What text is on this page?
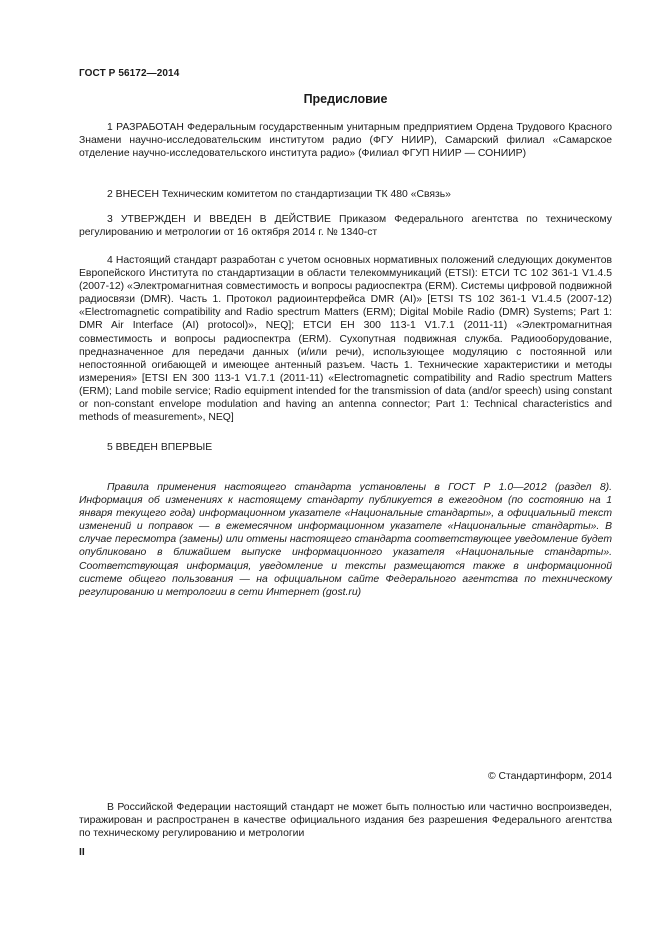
ГОСТ Р 56172—2014
Предисловие

1 РАЗРАБОТАН Федеральным государственным унитарным предприятием Ордена Трудового Красного Знамени научно-исследовательским институтом радио (ФГУ НИИР), Самарский филиал «Самарское отделение научно-исследовательского института радио» (Филиал ФГУП НИИР — СОНИИР)

2 ВНЕСЕН Техническим комитетом по стандартизации ТК 480 «Связь»

3 УТВЕРЖДЕН И ВВЕДЕН В ДЕЙСТВИЕ Приказом Федерального агентства по техническому регулированию и метрологии от 16 октября 2014 г. № 1340-ст

4 Настоящий стандарт разработан с учетом основных нормативных положений следующих документов Европейского Института по стандартизации в области телекоммуникаций (ETSI): ЕТСИ ТС 102 361-1 V1.4.5 (2007-12) «Электромагнитная совместимость и вопросы радиоспектра (ERM). Системы цифровой подвижной радиосвязи (DMR). Часть 1. Протокол радиоинтерфейса DMR (AI)» [ETSI TS 102 361-1 V1.4.5 (2007-12) «Electromagnetic compatibility and Radio spectrum Matters (ERM); Digital Mobile Radio (DMR) Systems; Part 1: DMR Air Interface (AI) protocol)», NEQ]; ЕТСИ ЕН 300 113-1 V1.7.1 (2011-11) «Электромагнитная совместимость и вопросы радиоспектра (ERM). Сухопутная подвижная служба. Радиооборудование, предназначенное для передачи данных (и/или речи), использующее модуляцию с постоянной или непостоянной огибающей и имеющее антенный разъем. Часть 1. Технические характеристики и методы измерения» [ETSI EN 300 113-1 V1.7.1 (2011-11) «Electromagnetic compatibility and Radio spectrum Matters (ERM); Land mobile service; Radio equipment intended for the transmission of data (and/or speech) using constant or non-constant envelope modulation and having an antenna connector; Part 1: Technical characteristics and methods of measurement», NEQ]

5 ВВЕДЕН ВПЕРВЫЕ

Правила применения настоящего стандарта установлены в ГОСТ Р 1.0—2012 (раздел 8). Информация об изменениях к настоящему стандарту публикуется в ежегодном (по состоянию на 1 января текущего года) информационном указателе «Национальные стандарты», а официальный текст изменений и поправок — в ежемесячном информационном указателе «Национальные стандарты». В случае пересмотра (замены) или отмены настоящего стандарта соответствующее уведомление будет опубликовано в ближайшем выпуске информационного указателя «Национальные стандарты». Соответствующая информация, уведомление и тексты размещаются также в информационной системе общего пользования — на официальном сайте Федерального агентства по техническому регулированию и метрологии в сети Интернет (gost.ru)

© Стандартинформ, 2014

В Российской Федерации настоящий стандарт не может быть полностью или частично воспроизведен, тиражирован и распространен в качестве официального издания без разрешения Федерального агентства по техническому регулированию и метрологии

II
